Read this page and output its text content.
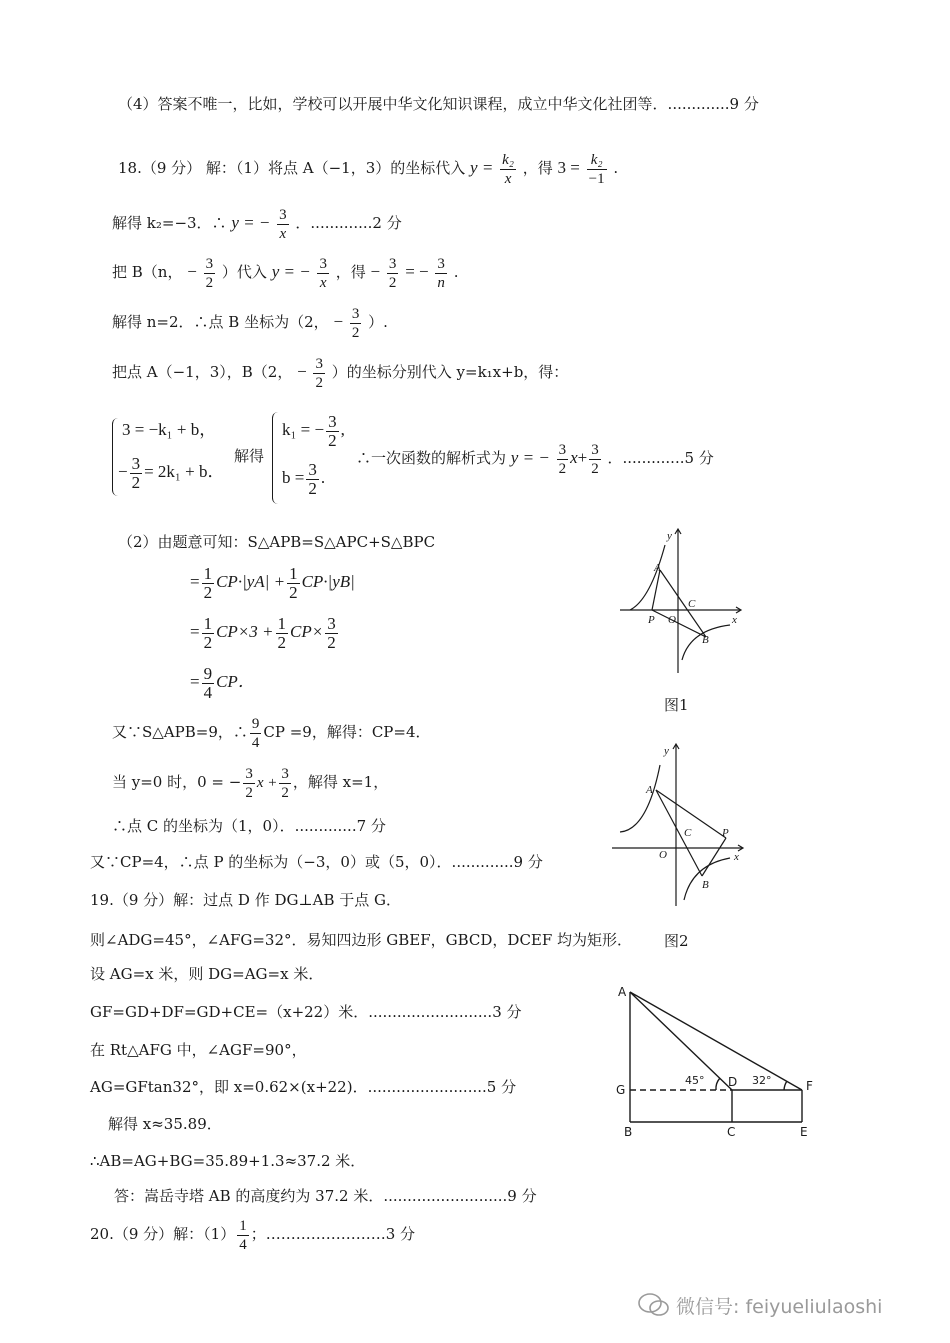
（4）答案不唯一，比如，学校可以开展中华文化知识课程，成立中华文化社团等．.............9 分
18.（9 分） 解：（1）将点 A（−1，3）的坐标代入 $y = \frac{\text{k₂}}{x}$ ，得 $3 = \frac{\text{k₂}}{-1}$ .
解得 k₂=−3．∴ y = − $\frac{3}{x}$ ．.............2 分
把 B（n， − $\frac{3}{2}$ ）代入 y = − $\frac{3}{x}$ ，得 − $\frac{3}{2}$ = − $\frac{3}{n}$ .
解得 n=2．∴点 B 坐标为（2， − $\frac{3}{2}$ ）.
把点 A（−1，3），B（2， − $\frac{3}{2}$ ）的坐标分别代入 y=k₁x+b，得：
3 = −k₁ + b，
− $\frac{3}{2} = 2k_1 + b$．
解得
k₁ = − $\frac{3}{2}$ ,
$b = \frac{3}{2}$ .
∴一次函数的解析式为 y = − $\frac{3}{2} x+ \frac{3}{2}$ ．.............5 分
（2）由题意可知：S△APB=S△APC+S△BPC
= $\frac{1}{2} CP\cdot|yA| + \frac{1}{2} CP\cdot|yB|$
= $\frac{1}{2} CP\times 3 + \frac{1}{2} CP\times \frac{3}{2}$
= $\frac{9}{4}$ CP．
又∵S△APB=9，∴ $\frac{9}{4}$ CP =9，解得：CP=4．
当 y=0 时，0 = − $\frac{3}{2}$ $x + \frac{3}{2}$ ，解得 x=1，
∴点 C 的坐标为（1，0）．.............7 分
又∵CP=4，∴点 P 的坐标为（−3，0）或（5，0）．.............9 分
19.（9 分）解：过点 D 作 DG⊥AB 于点 G．
则∠ADG=45°，∠AFG=32°．易知四边形 GBEF，GBCD，DCEF 均为矩形．
设 AG=x 米，则 DG=AG=x 米．
GF=GD+DF=GD+CE=（x+22）米．..........................3 分
在 Rt△AFG 中，∠AGF=90°，
AG=GFtan32°，即 x=0.62×(x+22)．.........................5 分
解得 x≈35.89．
∴AB=AG+BG=35.89+1.3≈37.2 米．
答：嵩岳寺塔 AB 的高度约为 37.2 米．..........................9 分
20.（9 分）解：$(1) \frac{1}{4}$ ；……………………3 分
y
x
A
B
C
O
P
图1
y
x
A
B
C
O
P
图2
A
G
B	C	E
F
D
45°	32°
微信号: feiyueliulaoshi
